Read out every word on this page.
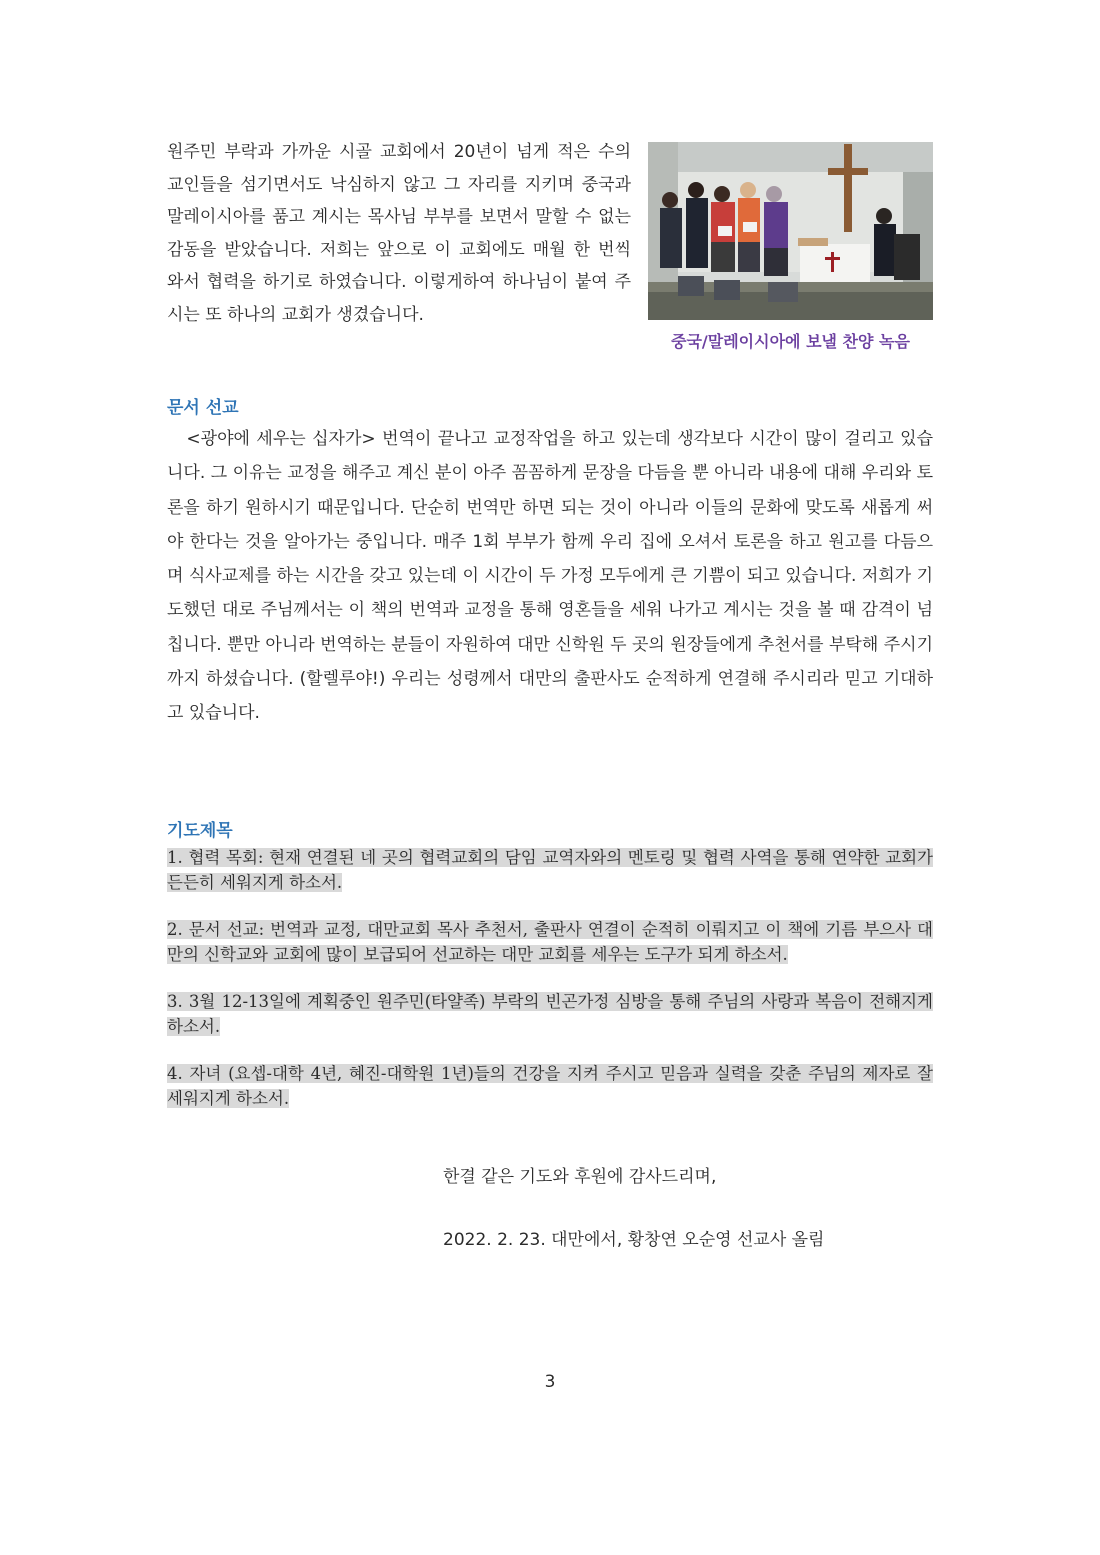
원주민 부락과 가까운 시골 교회에서 20년이 넘게 적은 수의 교인들을 섬기면서도 낙심하지 않고 그 자리를 지키며 중국과 말레이시아를 품고 계시는 목사님 부부를 보면서 말할 수 없는 감동을 받았습니다. 저희는 앞으로 이 교회에도 매월 한 번씩 와서 협력을 하기로 하였습니다. 이렇게하여 하나님이 붙여 주시는 또 하나의 교회가 생겼습니다.

중국/말레이시아에 보낼 찬양 녹음
문서 선교

<광야에 세우는 십자가> 번역이 끝나고 교정작업을 하고 있는데 생각보다 시간이 많이 걸리고 있습니다. 그 이유는 교정을 해주고 계신 분이 아주 꼼꼼하게 문장을 다듬을 뿐 아니라 내용에 대해 우리와 토론을 하기 원하시기 때문입니다. 단순히 번역만 하면 되는 것이 아니라 이들의 문화에 맞도록 새롭게 써야 한다는 것을 알아가는 중입니다. 매주 1회 부부가 함께 우리 집에 오셔서 토론을 하고 원고를 다듬으며 식사교제를 하는 시간을 갖고 있는데 이 시간이 두 가정 모두에게 큰 기쁨이 되고 있습니다. 저희가 기도했던 대로 주님께서는 이 책의 번역과 교정을 통해 영혼들을 세워 나가고 계시는 것을 볼 때 감격이 넘칩니다. 뿐만 아니라 번역하는 분들이 자원하여 대만 신학원 두 곳의 원장들에게 추천서를 부탁해 주시기까지 하셨습니다. (할렐루야!) 우리는 성령께서 대만의 출판사도 순적하게 연결해 주시리라 믿고 기대하고 있습니다.

기도제목

1. 협력 목회: 현재 연결된 네 곳의 협력교회의 담임 교역자와의 멘토링 및 협력 사역을 통해 연약한 교회가 든든히 세워지게 하소서.

2. 문서 선교: 번역과 교정, 대만교회 목사 추천서, 출판사 연결이 순적히 이뤄지고 이 책에 기름 부으사 대만의 신학교와 교회에 많이 보급되어 선교하는 대만 교회를 세우는 도구가 되게 하소서.

3. 3월 12-13일에 계획중인 원주민(타얄족) 부락의 빈곤가정 심방을 통해 주님의 사랑과 복음이 전해지게 하소서.

4. 자녀 (요셉-대학 4년, 혜진-대학원 1년)들의 건강을 지켜 주시고 믿음과 실력을 갖춘 주님의 제자로 잘 세워지게 하소서.

한결 같은 기도와 후원에 감사드리며,

2022. 2. 23. 대만에서, 황창연 오순영 선교사 올림

3
